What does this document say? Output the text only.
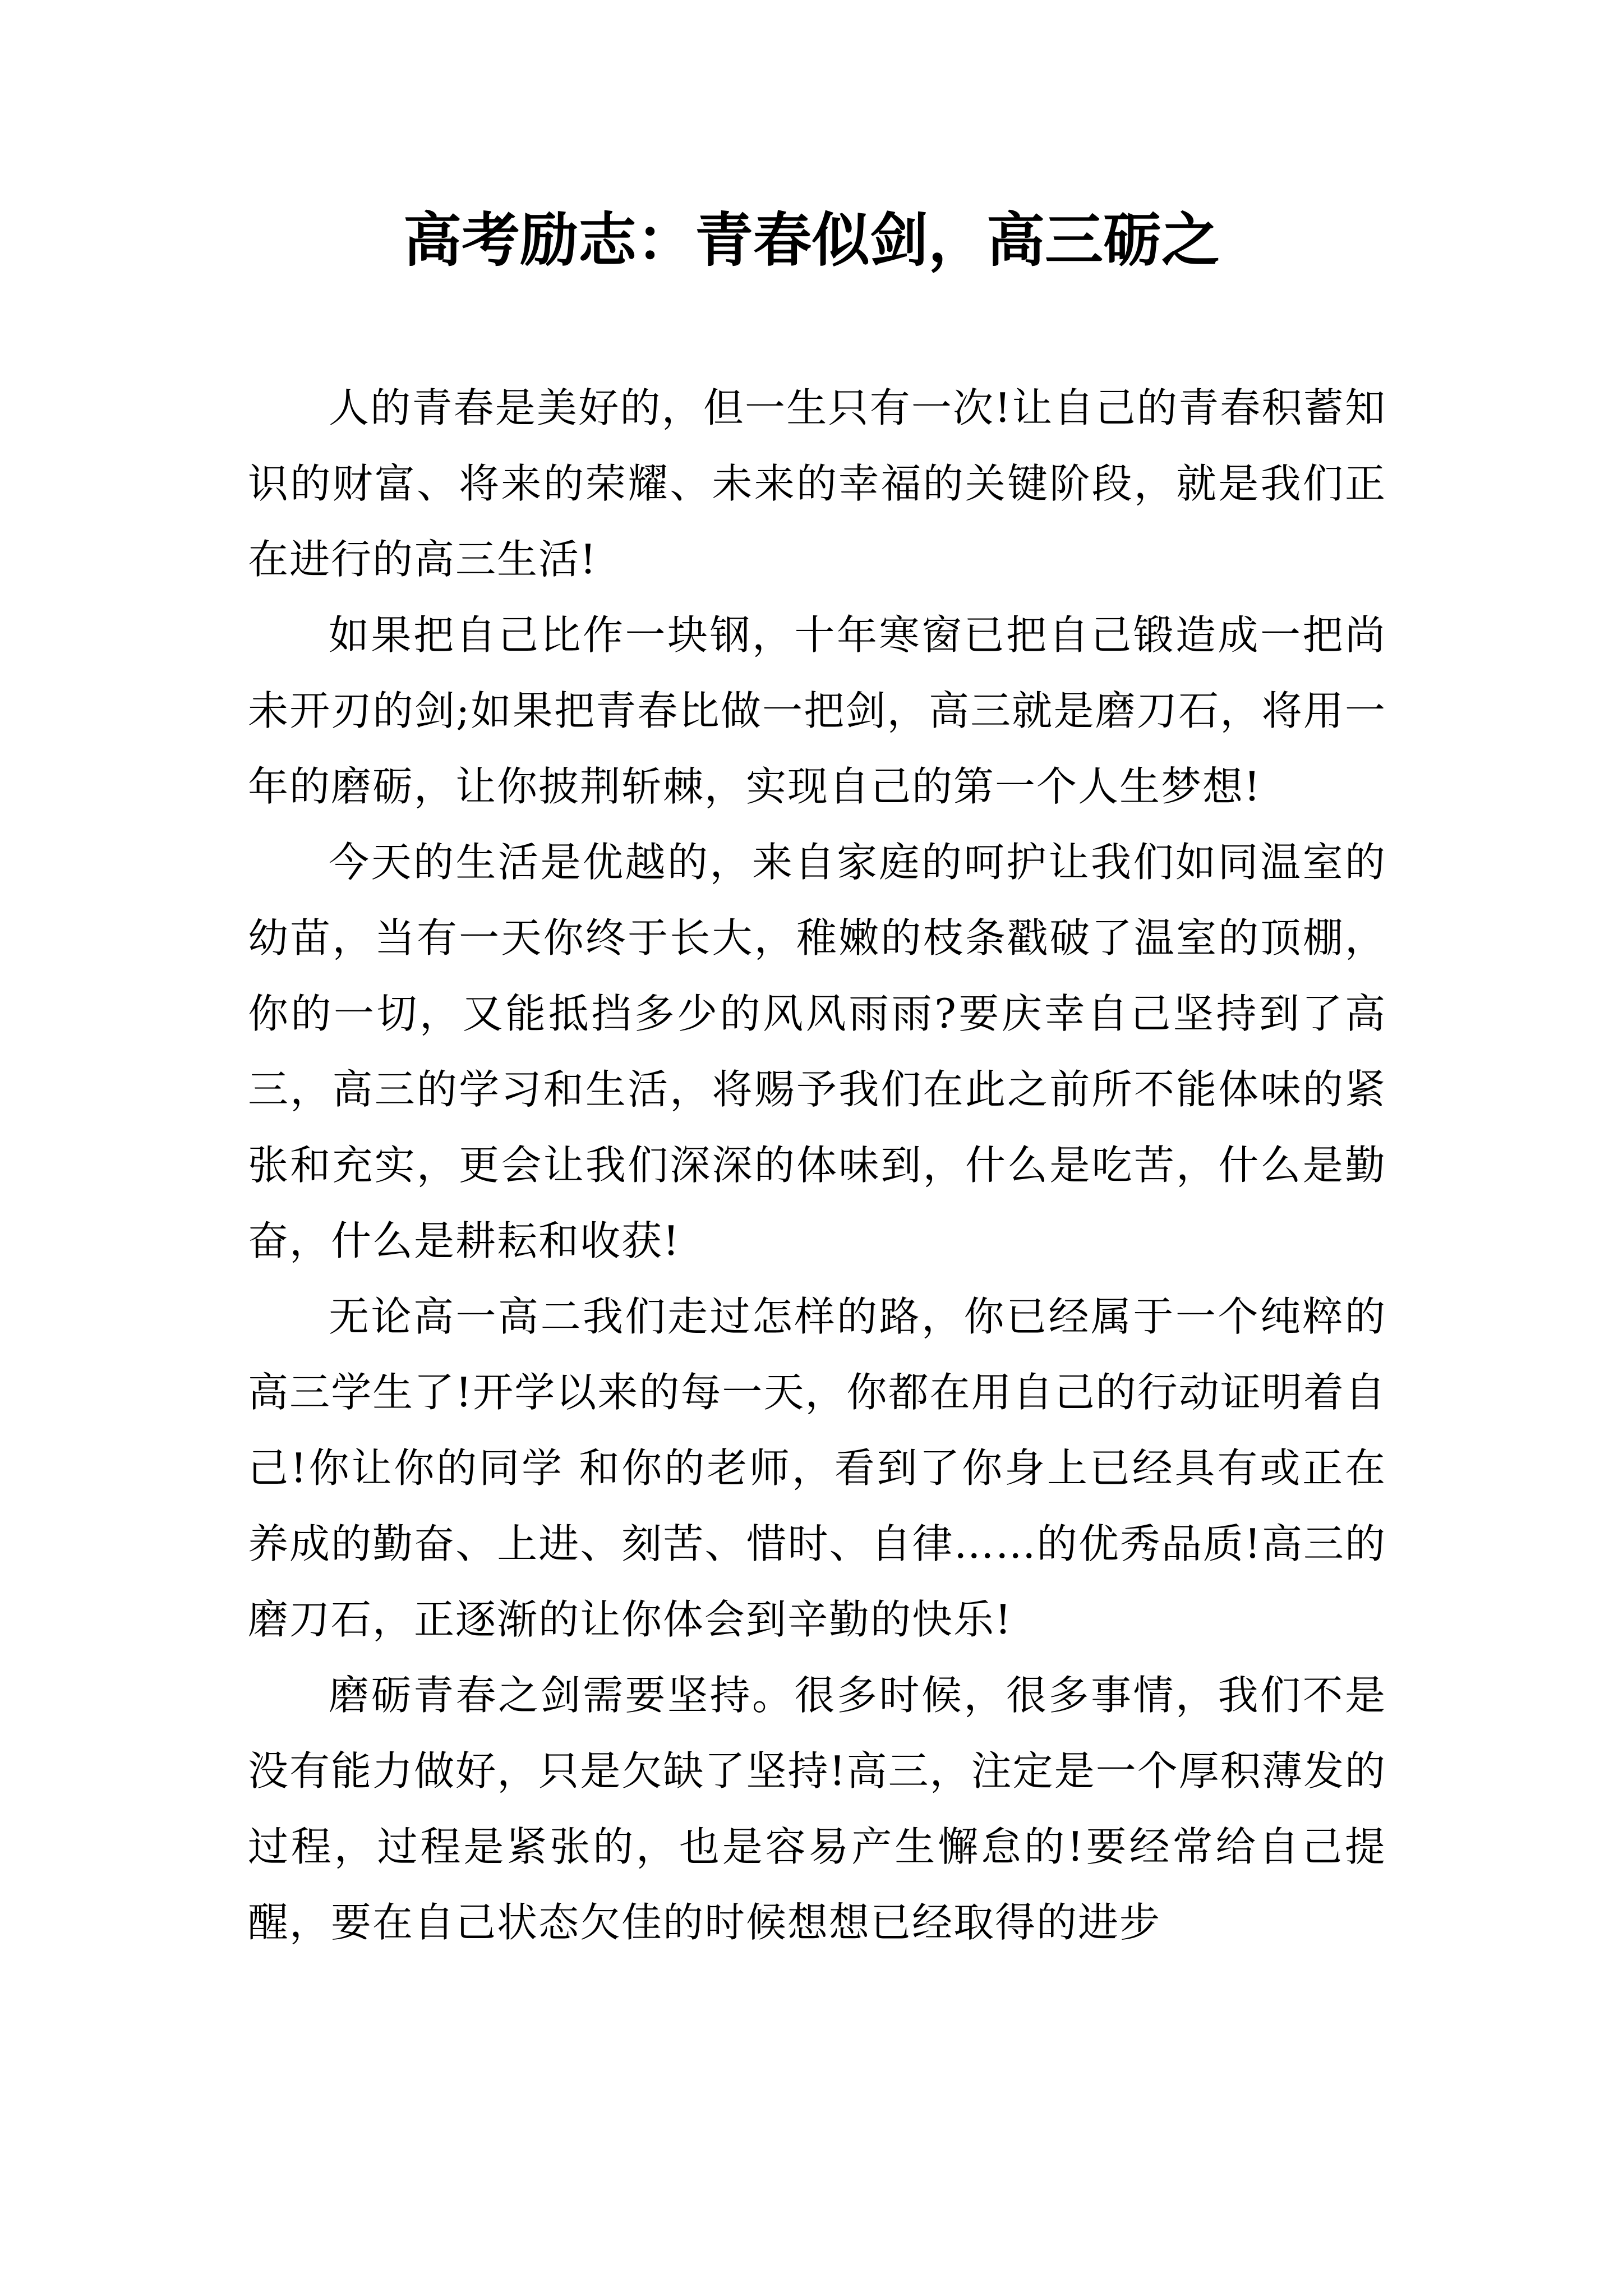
高考励志：青春似剑，高三砺之

人的青春是美好的，但一生只有一次!让自己的青春积蓄知识的财富、将来的荣耀、未来的幸福的关键阶段，就是我们正在进行的高三生活!

如果把自己比作一块钢，十年寒窗已把自己锻造成一把尚未开刃的剑;如果把青春比做一把剑，高三就是磨刀石，将用一年的磨砺，让你披荆斩棘，实现自己的第一个人生梦想!

今天的生活是优越的，来自家庭的呵护让我们如同温室的幼苗，当有一天你终于长大，稚嫩的枝条戳破了温室的顶棚，你的一切，又能抵挡多少的风风雨雨?要庆幸自己坚持到了高三，高三的学习和生活，将赐予我们在此之前所不能体味的紧张和充实，更会让我们深深的体味到，什么是吃苦，什么是勤奋，什么是耕耘和收获!

无论高一高二我们走过怎样的路，你已经属于一个纯粹的高三学生了!开学以来的每一天，你都在用自己的行动证明着自己!你让你的同学 和你的老师，看到了你身上已经具有或正在养成的勤奋、上进、刻苦、惜时、自律……的优秀品质!高三的磨刀石，正逐渐的让你体会到辛勤的快乐!

磨砺青春之剑需要坚持。很多时候，很多事情，我们不是没有能力做好，只是欠缺了坚持!高三，注定是一个厚积薄发的过程，过程是紧张的，也是容易产生懈怠的!要经常给自己提醒，要在自己状态欠佳的时候想想已经取得的进步
